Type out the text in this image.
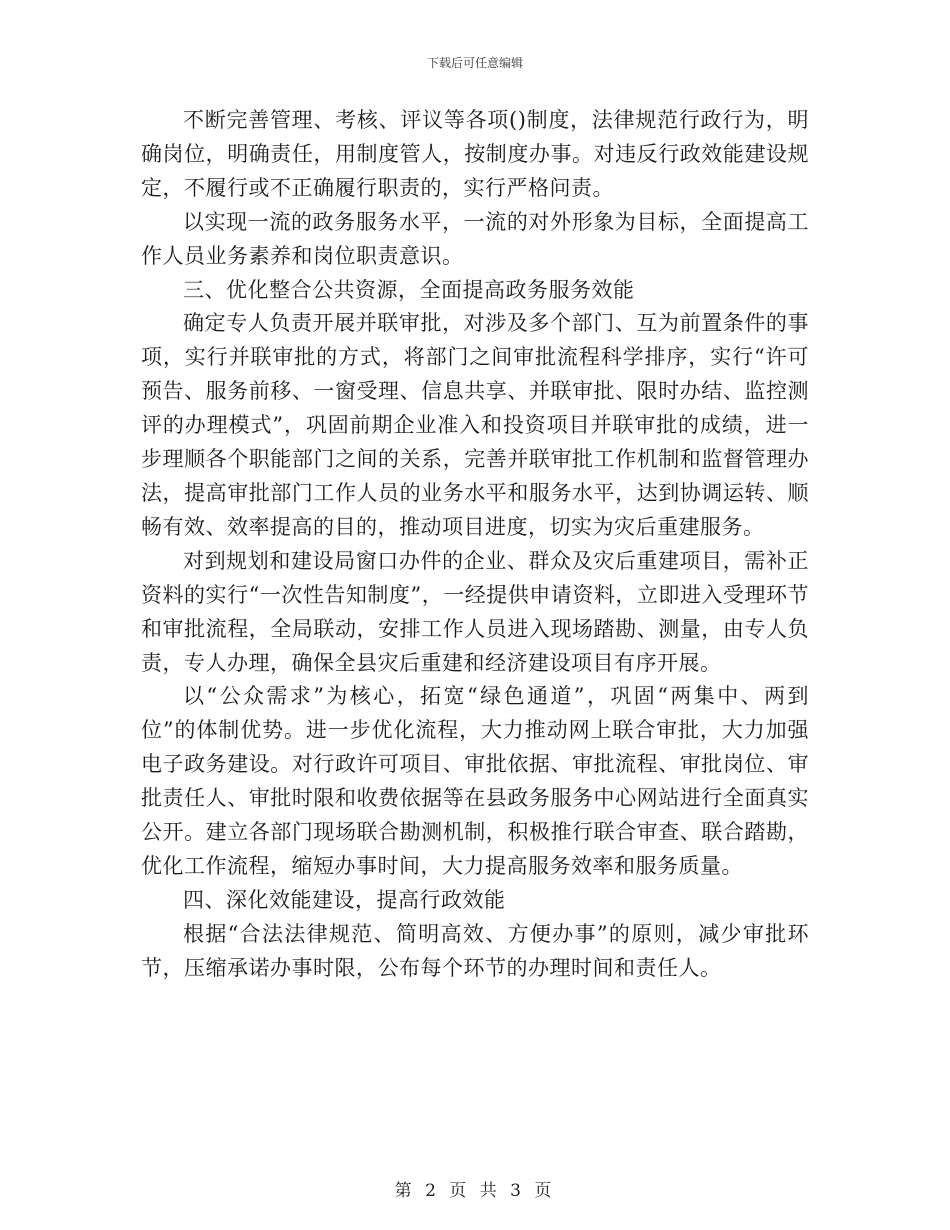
下载后可任意编辑

不断完善管理、考核、评议等各项()制度，法律规范行政行为，明确岗位，明确责任，用制度管人，按制度办事。对违反行政效能建设规定，不履行或不正确履行职责的，实行严格问责。

以实现一流的政务服务水平，一流的对外形象为目标，全面提高工作人员业务素养和岗位职责意识。

三、优化整合公共资源，全面提高政务服务效能

确定专人负责开展并联审批，对涉及多个部门、互为前置条件的事项，实行并联审批的方式，将部门之间审批流程科学排序，实行“许可预告、服务前移、一窗受理、信息共享、并联审批、限时办结、监控测评的办理模式”，巩固前期企业准入和投资项目并联审批的成绩，进一步理顺各个职能部门之间的关系，完善并联审批工作机制和监督管理办法，提高审批部门工作人员的业务水平和服务水平，达到协调运转、顺畅有效、效率提高的目的，推动项目进度，切实为灾后重建服务。

对到规划和建设局窗口办件的企业、群众及灾后重建项目，需补正资料的实行“一次性告知制度”，一经提供申请资料，立即进入受理环节和审批流程，全局联动，安排工作人员进入现场踏勘、测量，由专人负责，专人办理，确保全县灾后重建和经济建设项目有序开展。

以“公众需求”为核心，拓宽“绿色通道”，巩固“两集中、两到位”的体制优势。进一步优化流程，大力推动网上联合审批，大力加强电子政务建设。对行政许可项目、审批依据、审批流程、审批岗位、审批责任人、审批时限和收费依据等在县政务服务中心网站进行全面真实公开。建立各部门现场联合勘测机制，积极推行联合审查、联合踏勘，优化工作流程，缩短办事时间，大力提高服务效率和服务质量。

四、深化效能建设，提高行政效能

根据“合法法律规范、简明高效、方便办事”的原则，减少审批环节，压缩承诺办事时限，公布每个环节的办理时间和责任人。

第 2 页 共 3 页
